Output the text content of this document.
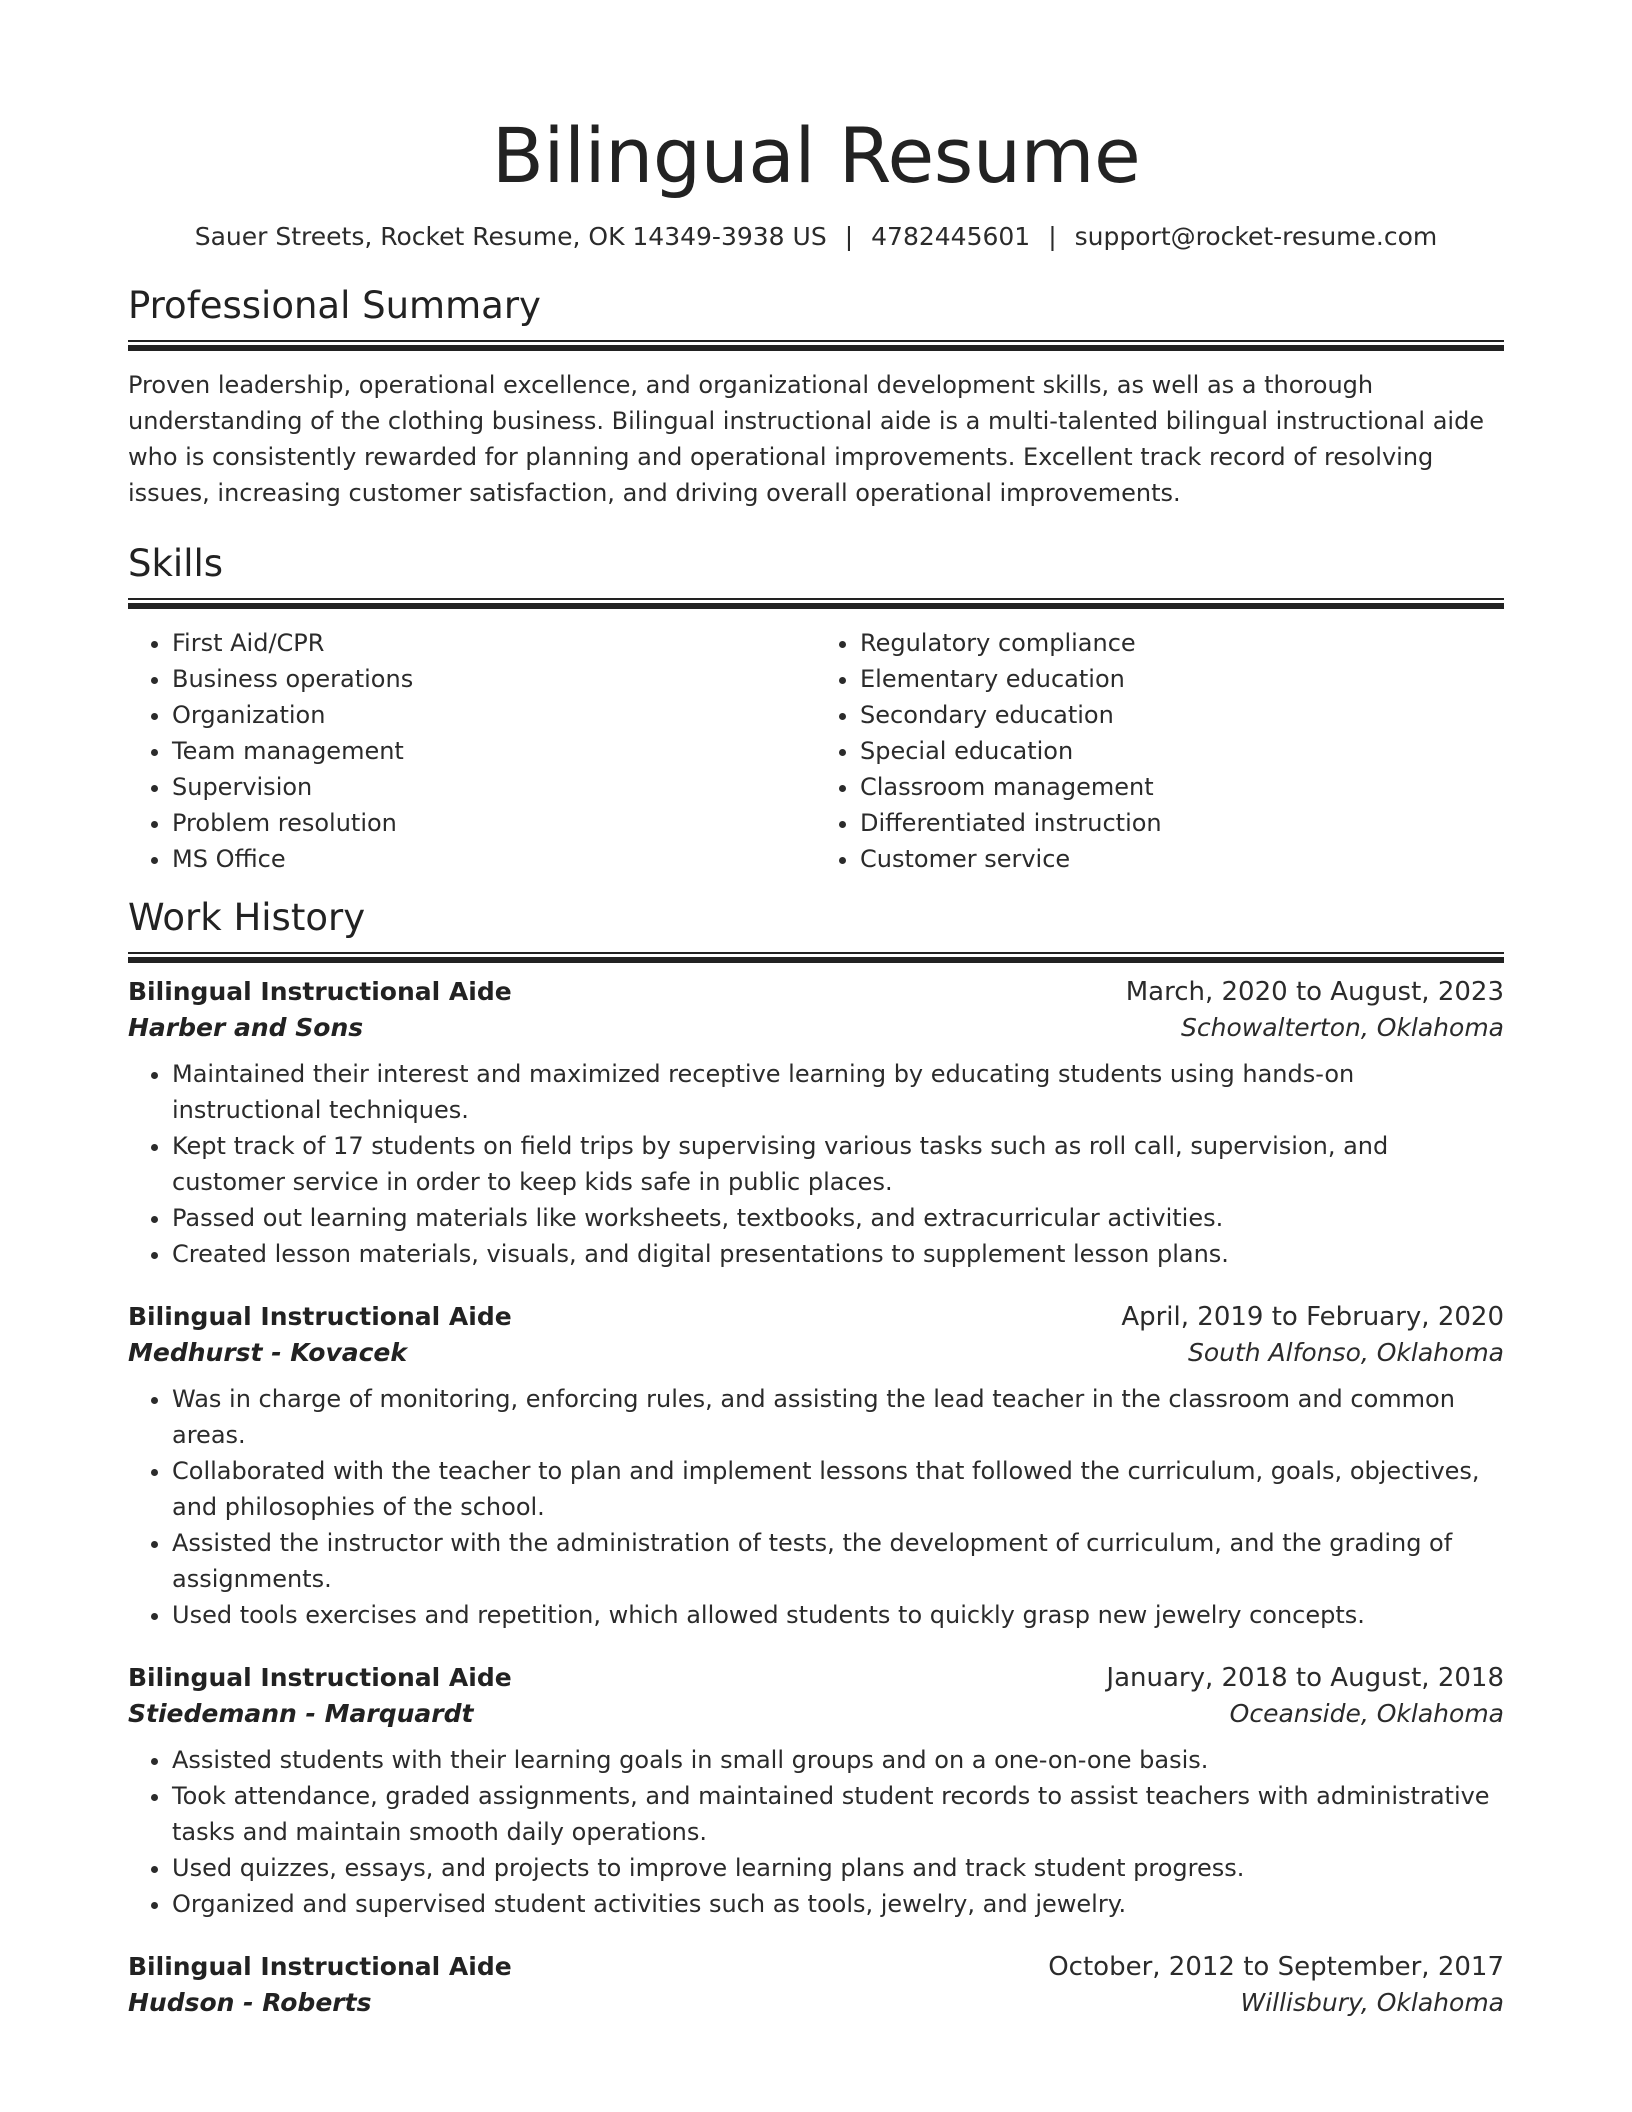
Bilingual Resume
Sauer Streets, Rocket Resume, OK 14349-3938 US | 4782445601 | support@rocket-resume.com
Professional Summary

Proven leadership, operational excellence, and organizational development skills, as well as a thorough understanding of the clothing business. Bilingual instructional aide is a multi-talented bilingual instructional aide who is consistently rewarded for planning and operational improvements. Excellent track record of resolving issues, increasing customer satisfaction, and driving overall operational improvements.

Skills
• First Aid/CPR
• Business operations
• Organization
• Team management
• Supervision
• Problem resolution
• MS Office
• Regulatory compliance
• Elementary education
• Secondary education
• Special education
• Classroom management
• Differentiated instruction
• Customer service
Work History
Bilingual Instructional Aide	March, 2020 to August, 2023
Harber and Sons	Schowalterton, Oklahoma
• Maintained their interest and maximized receptive learning by educating students using hands-on instructional techniques.
• Kept track of 17 students on field trips by supervising various tasks such as roll call, supervision, and customer service in order to keep kids safe in public places.
• Passed out learning materials like worksheets, textbooks, and extracurricular activities.
• Created lesson materials, visuals, and digital presentations to supplement lesson plans.
Bilingual Instructional Aide	April, 2019 to February, 2020
Medhurst - Kovacek	South Alfonso, Oklahoma
• Was in charge of monitoring, enforcing rules, and assisting the lead teacher in the classroom and common areas.
• Collaborated with the teacher to plan and implement lessons that followed the curriculum, goals, objectives, and philosophies of the school.
• Assisted the instructor with the administration of tests, the development of curriculum, and the grading of assignments.
• Used tools exercises and repetition, which allowed students to quickly grasp new jewelry concepts.
Bilingual Instructional Aide	January, 2018 to August, 2018
Stiedemann - Marquardt	Oceanside, Oklahoma
• Assisted students with their learning goals in small groups and on a one-on-one basis.
• Took attendance, graded assignments, and maintained student records to assist teachers with administrative tasks and maintain smooth daily operations.
• Used quizzes, essays, and projects to improve learning plans and track student progress.
• Organized and supervised student activities such as tools, jewelry, and jewelry.
Bilingual Instructional Aide	October, 2012 to September, 2017
Hudson - Roberts	Willisbury, Oklahoma
